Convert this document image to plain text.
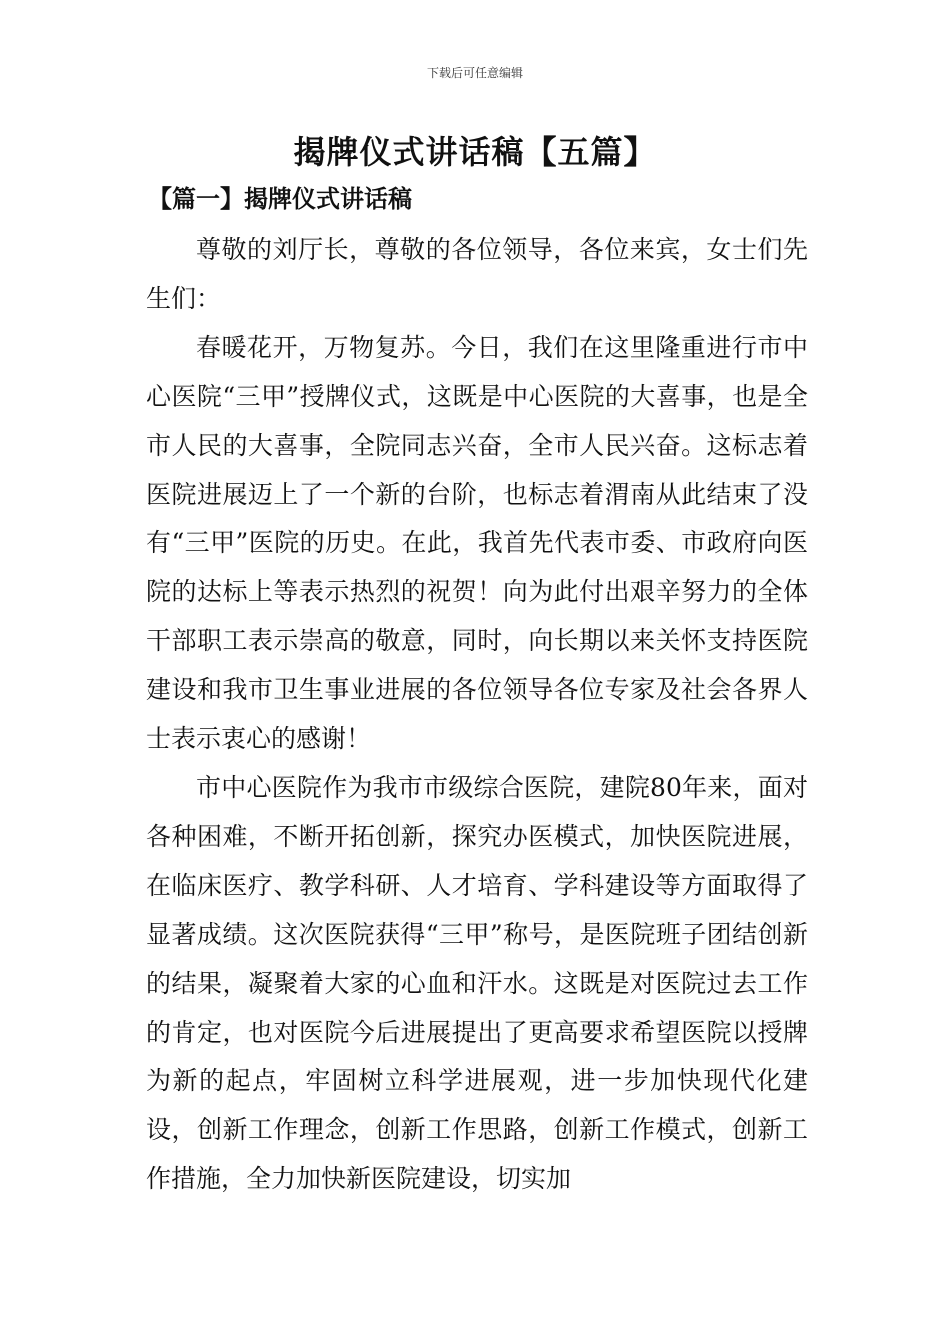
下载后可任意编辑
揭牌仪式讲话稿【五篇】
【篇一】揭牌仪式讲话稿

尊敬的刘厅长，尊敬的各位领导，各位来宾，女士们先生们：

春暖花开，万物复苏。今日，我们在这里隆重进行市中心医院“三甲”授牌仪式，这既是中心医院的大喜事，也是全市人民的大喜事，全院同志兴奋，全市人民兴奋。这标志着医院进展迈上了一个新的台阶，也标志着渭南从此结束了没有“三甲”医院的历史。在此，我首先代表市委、市政府向医院的达标上等表示热烈的祝贺！向为此付出艰辛努力的全体干部职工表示崇高的敬意，同时，向长期以来关怀支持医院建设和我市卫生事业进展的各位领导各位专家及社会各界人士表示衷心的感谢！

市中心医院作为我市市级综合医院，建院80年来，面对各种困难，不断开拓创新，探究办医模式，加快医院进展，在临床医疗、教学科研、人才培育、学科建设等方面取得了显著成绩。这次医院获得“三甲”称号，是医院班子团结创新的结果，凝聚着大家的心血和汗水。这既是对医院过去工作的肯定，也对医院今后进展提出了更高要求希望医院以授牌为新的起点，牢固树立科学进展观，进一步加快现代化建设，创新工作理念，创新工作思路，创新工作模式，创新工作措施，全力加快新医院建设，切实加
